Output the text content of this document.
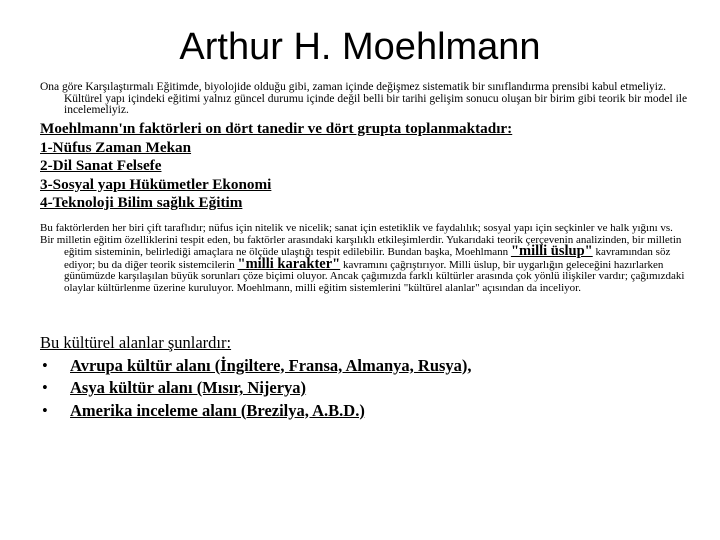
Arthur H. Moehlmann

Ona göre Karşılaştırmalı Eğitimde, biyolojide olduğu gibi, zaman içinde değişmez sistematik bir sınıflandırma prensibi kabul etmeliyiz. Kültürel yapı içindeki eğitimi yalnız güncel durumu içinde değil belli bir tarihi gelişim sonucu oluşan bir birim gibi teorik bir model ile incelemeliyiz.

Moehlmann'ın faktörleri on dört tanedir ve dört grupta toplanmaktadır:
1-Nüfus Zaman Mekan
2-Dil Sanat Felsefe
3-Sosyal yapı Hükümetler Ekonomi
4-Teknoloji Bilim sağlık Eğitim

Bu faktörlerden her biri çift taraflıdır; nüfus için nitelik ve nicelik; sanat için estetiklik ve faydalılık; sosyal yapı için seçkinler ve halk yığını vs.

Bir milletin eğitim özelliklerini tespit eden, bu faktörler arasındaki karşılıklı etkileşimlerdir. Yukarıdaki teorik çerçevenin analizinden, bir milletin eğitim sisteminin, belirlediği amaçlara ne ölçüde ulaştığı tespit edilebilir. Bundan başka, Moehlmann "milli üslup" kavramından söz ediyor; bu da diğer teorik sistemcilerin "milli karakter" kavramını çağrıştırıyor. Milli üslup, bir uygarlığın geleceğini hazırlarken günümüzde karşılaşılan büyük sorunları çöze biçimi oluyor. Ancak çağımızda farklı kültürler arasında çok yönlü ilişkiler vardır; çağımızdaki olaylar kültürlenme üzerine kuruluyor. Moehlmann, milli eğitim sistemlerini "kültürel alanlar" açısından da inceliyor.

Bu kültürel alanlar şunlardır:
• Avrupa kültür alanı (İngiltere, Fransa, Almanya, Rusya),
• Asya kültür alanı (Mısır, Nijerya)
• Amerika inceleme alanı (Brezilya, A.B.D.)
